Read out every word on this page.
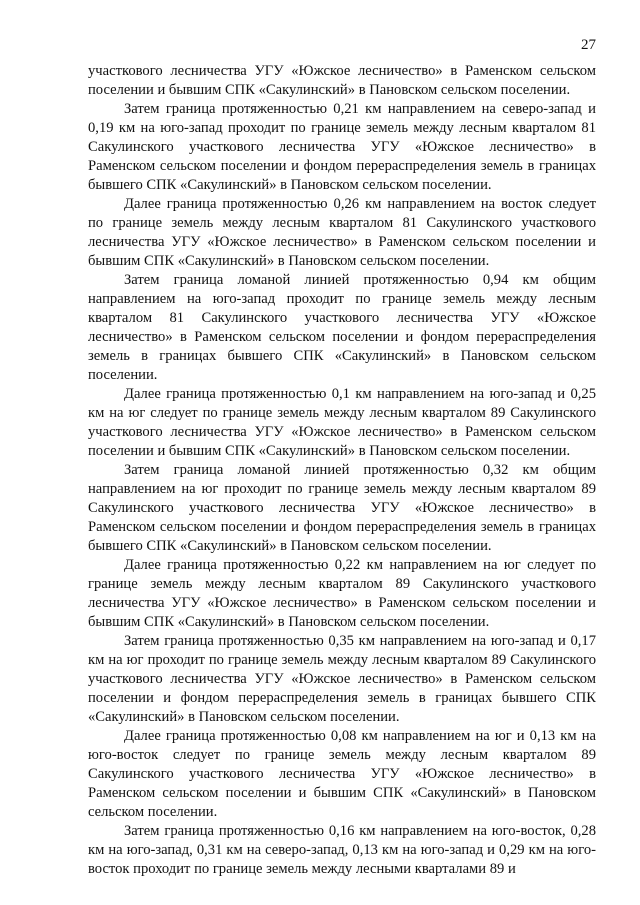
27

участкового лесничества УГУ «Южское лесничество» в Раменском сельском поселении и бывшим СПК «Сакулинский» в Пановском сельском поселении.

Затем граница протяженностью 0,21 км направлением на северо-запад и 0,19 км на юго-запад проходит по границе земель между лесным кварталом 81 Сакулинского участкового лесничества УГУ «Южское лесничество» в Раменском сельском поселении и фондом перераспределения земель в границах бывшего СПК «Сакулинский» в Пановском сельском поселении.

Далее граница протяженностью 0,26 км направлением на восток следует по границе земель между лесным кварталом 81 Сакулинского участкового лесничества УГУ «Южское лесничество» в Раменском сельском поселении и бывшим СПК «Сакулинский» в Пановском сельском поселении.

Затем граница ломаной линией протяженностью 0,94 км общим направлением на юго-запад проходит по границе земель между лесным кварталом 81 Сакулинского участкового лесничества УГУ «Южское лесничество» в Раменском сельском поселении и фондом перераспределения земель в границах бывшего СПК «Сакулинский» в Пановском сельском поселении.

Далее граница протяженностью 0,1 км направлением на юго-запад и 0,25 км на юг следует по границе земель между лесным кварталом 89 Сакулинского участкового лесничества УГУ «Южское лесничество» в Раменском сельском поселении и бывшим СПК «Сакулинский» в Пановском сельском поселении.

Затем граница ломаной линией протяженностью 0,32 км общим направлением на юг проходит по границе земель между лесным кварталом 89 Сакулинского участкового лесничества УГУ «Южское лесничество» в Раменском сельском поселении и фондом перераспределения земель в границах бывшего СПК «Сакулинский» в Пановском сельском поселении.

Далее граница протяженностью 0,22 км направлением на юг следует по границе земель между лесным кварталом 89 Сакулинского участкового лесничества УГУ «Южское лесничество» в Раменском сельском поселении и бывшим СПК «Сакулинский» в Пановском сельском поселении.

Затем граница протяженностью 0,35 км направлением на юго-запад и 0,17 км на юг проходит по границе земель между лесным кварталом 89 Сакулинского участкового лесничества УГУ «Южское лесничество» в Раменском сельском поселении и фондом перераспределения земель в границах бывшего СПК «Сакулинский» в Пановском сельском поселении.

Далее граница протяженностью 0,08 км направлением на юг и 0,13 км на юго-восток следует по границе земель между лесным кварталом 89 Сакулинского участкового лесничества УГУ «Южское лесничество» в Раменском сельском поселении и бывшим СПК «Сакулинский» в Пановском сельском поселении.

Затем граница протяженностью 0,16 км направлением на юго-восток, 0,28 км на юго-запад, 0,31 км на северо-запад, 0,13 км на юго-запад и 0,29 км на юго-восток проходит по границе земель между лесными кварталами 89 и
